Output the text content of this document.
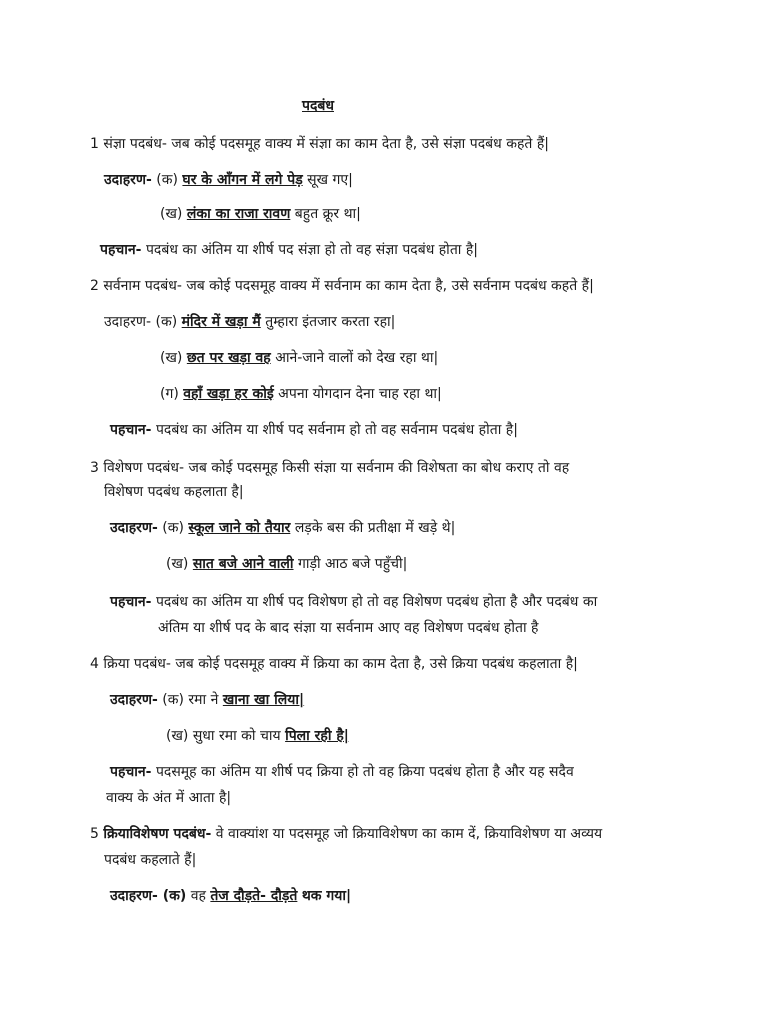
पदबंध
1 संज्ञा पदबंध- जब कोई पदसमूह वाक्य में संज्ञा का काम देता है, उसे संज्ञा पदबंध कहते हैं|
उदाहरण- (क) घर के आँगन में लगे पेड़ सूख गए|
(ख) लंका का राजा रावण बहुत क्रूर था|
पहचान- पदबंध का अंतिम या शीर्ष पद संज्ञा हो तो वह संज्ञा पदबंध होता है|
2 सर्वनाम पदबंध- जब कोई पदसमूह वाक्य में सर्वनाम का काम देता है, उसे सर्वनाम पदबंध कहते हैं|
उदाहरण- (क) मंदिर में खड़ा मैं तुम्हारा इंतजार करता रहा|
(ख) छत पर खड़ा वह आने-जाने वालों को देख रहा था|
(ग) वहाँ खड़ा हर कोई अपना योगदान देना चाह रहा था|
पहचान- पदबंध का अंतिम या शीर्ष पद सर्वनाम हो तो वह सर्वनाम पदबंध होता है|
3 विशेषण पदबंध- जब कोई पदसमूह किसी संज्ञा या सर्वनाम की विशेषता का बोध कराए तो वह
विशेषण पदबंध कहलाता है|
उदाहरण- (क) स्कूल जाने को तैयार लड़के बस की प्रतीक्षा में खड़े थे|
(ख) सात बजे आने वाली गाड़ी आठ बजे पहुँची|
पहचान- पदबंध का अंतिम या शीर्ष पद विशेषण हो तो वह विशेषण पदबंध होता है और पदबंध का
अंतिम या शीर्ष पद के बाद संज्ञा या सर्वनाम आए वह विशेषण पदबंध होता है
4 क्रिया पदबंध- जब कोई पदसमूह वाक्य में क्रिया का काम देता है, उसे क्रिया पदबंध कहलाता है|
उदाहरण- (क) रमा ने खाना खा लिया|
(ख) सुधा रमा को चाय पिला रही है|
पहचान- पदसमूह का अंतिम या शीर्ष पद क्रिया हो तो वह क्रिया पदबंध होता है और यह सदैव
वाक्य के अंत में आता है|
5 क्रियाविशेषण पदबंध- वे वाक्यांश या पदसमूह जो क्रियाविशेषण का काम दें, क्रियाविशेषण या अव्यय
पदबंध कहलाते हैं|
उदाहरण- (क) वह तेज दौड़ते- दौड़ते थक गया|
